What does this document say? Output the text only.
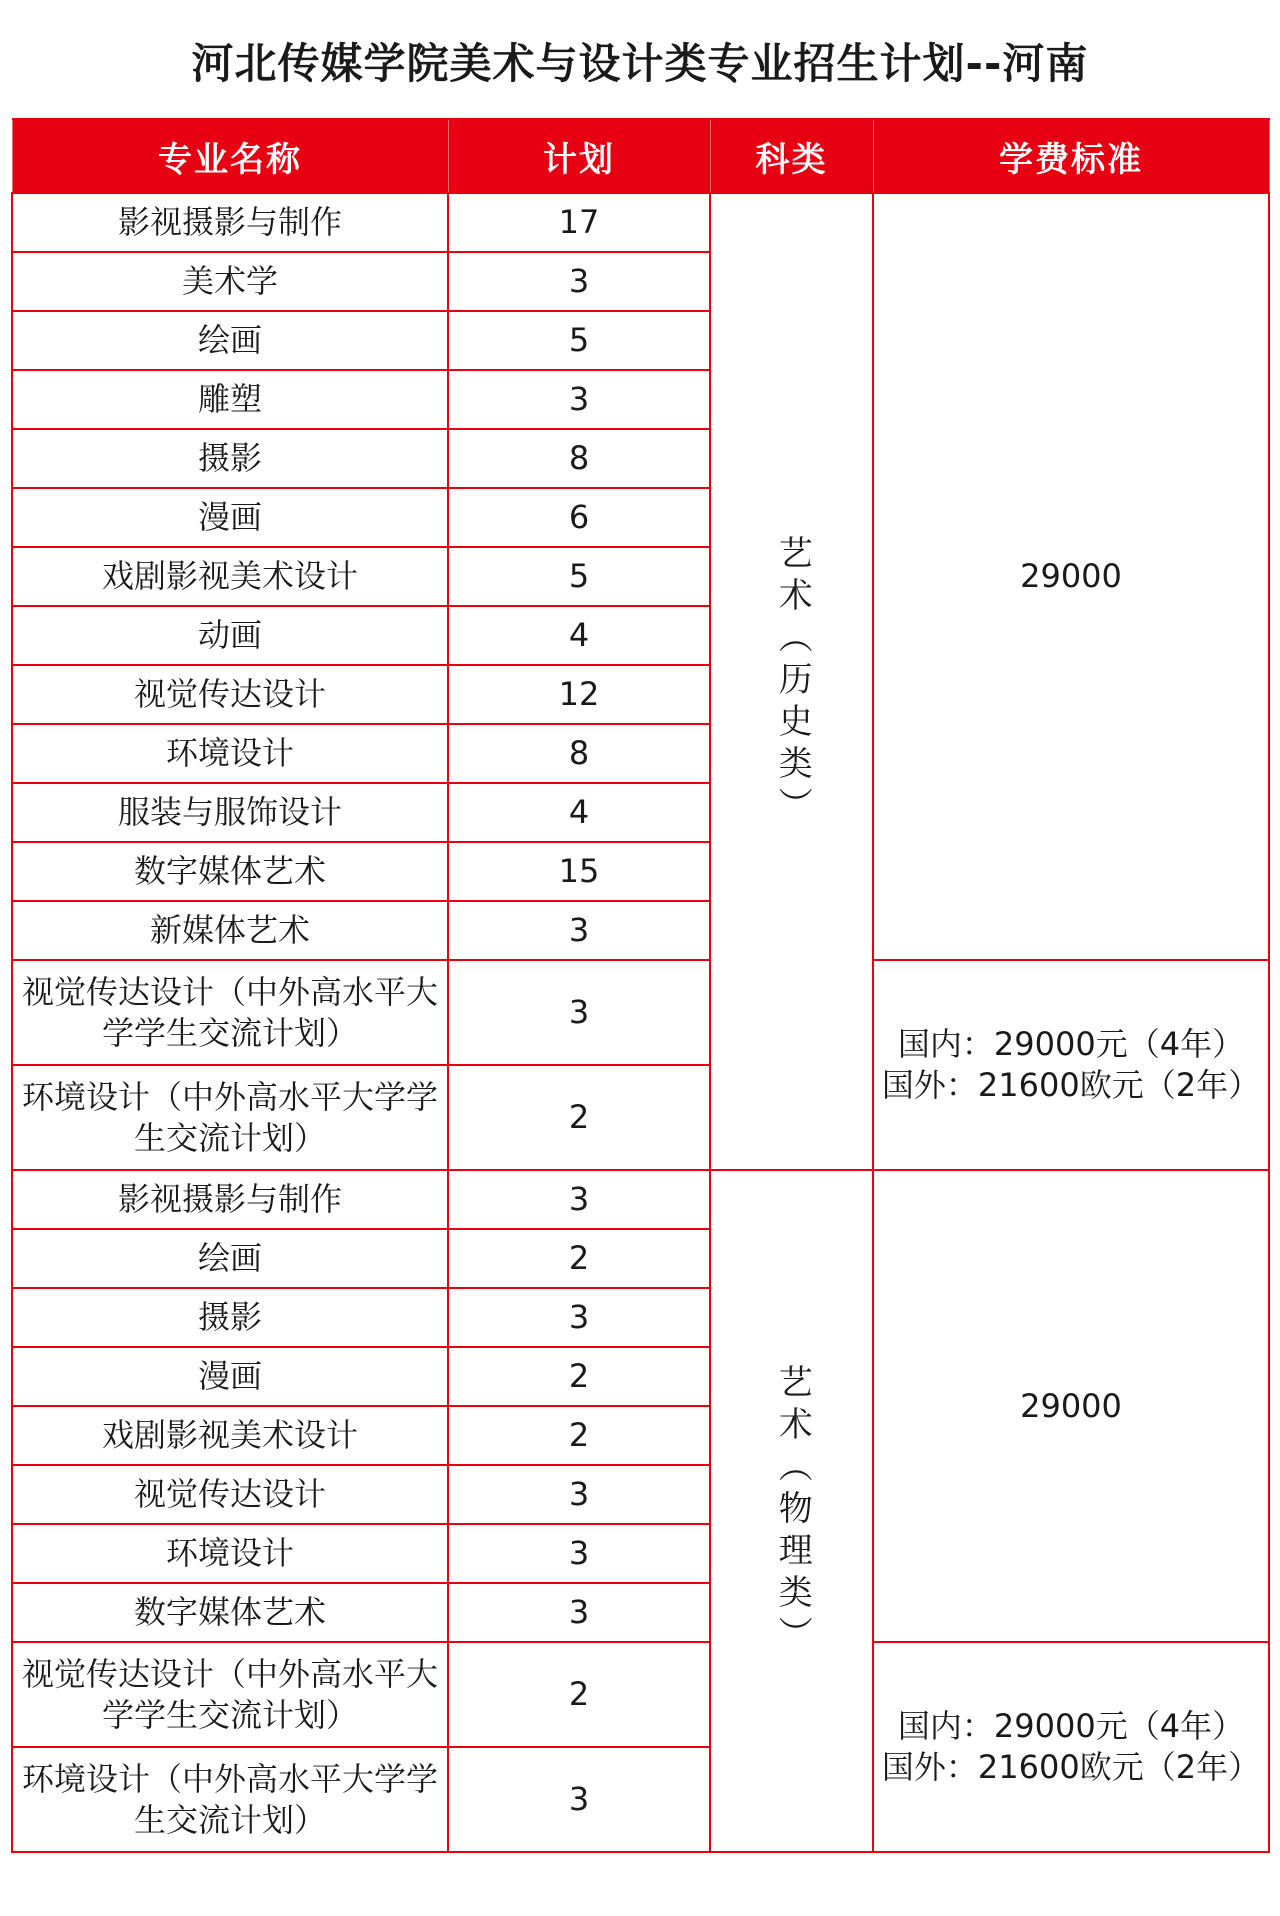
河北传媒学院美术与设计类专业招生计划-- 河南
专业名称	计划	科类	学费标准
影视摄影与制作	17	艺术（历史类）	29000
美术学	3		
绘画	5		
雕塑	3		
摄影	8		
漫画	6		
戏剧影视美术设计	5		
动画	4		
视觉传达设计	12		
环境设计	8		
服装与服饰设计	4		
数字媒体艺术	15		
新媒体艺术	3		
视觉传达设计（中外高水平大学学生交流计划）	3		国内：29000元（4年）
国外：21600欧元（2年）

环境设计（中外高水平大学学生交流计划）	2		
影视摄影与制作	3	艺术（物理类）	29000
绘画	2		
摄影	3		
漫画	2		
戏剧影视美术设计	2		
视觉传达设计	3		
环境设计	3		
数字媒体艺术	3		
视觉传达设计（中外高水平大学学生交流计划）	2		国内：29000元（4年）
国外：21600欧元（2年）

环境设计（中外高水平大学学生交流计划）	3		
